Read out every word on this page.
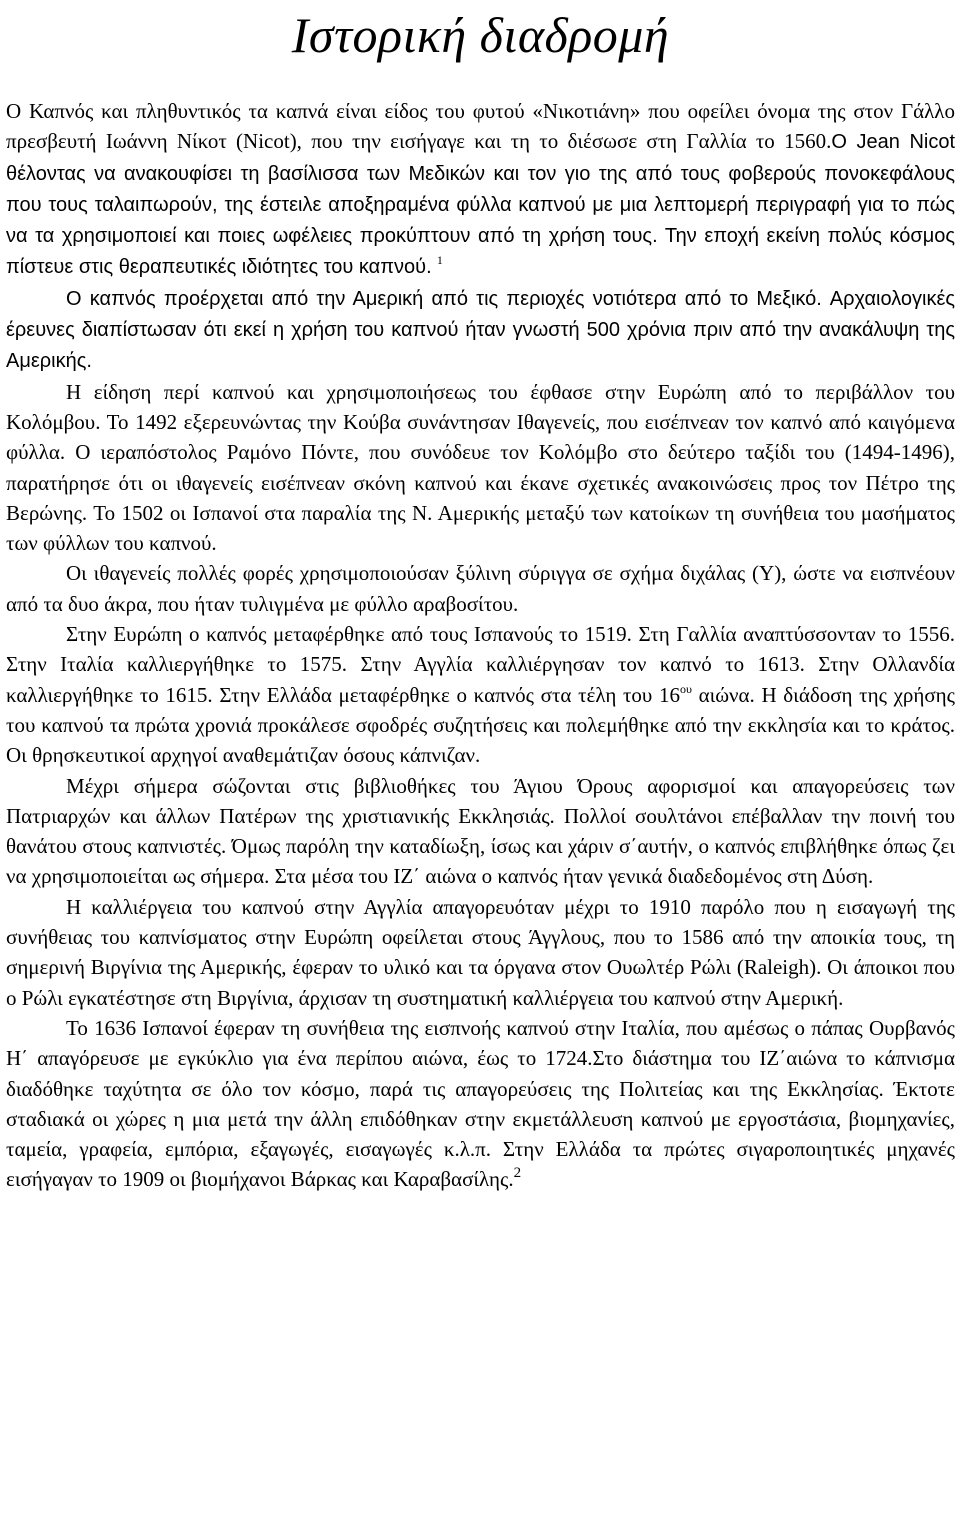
Ιστορική διαδρομή

Ο Καπνός και πληθυντικός τα καπνά είναι είδος του φυτού «Νικοτιάνη» που οφείλει όνομα της στον Γάλλο πρεσβευτή Ιωάννη Νίκοτ (Nicot), που την εισήγαγε και τη το διέσωσε στη Γαλλία το 1560.Ο Jean Nicot θέλοντας να ανακουφίσει τη βασίλισσα των Μεδικών και τον γιο της από τους φοβερούς πονοκεφάλους που τους ταλαιπωρούν, της έστειλε αποξηραμένα φύλλα καπνού με μια λεπτομερή περιγραφή για το πώς να τα χρησιμοποιεί και ποιες ωφέλειες προκύπτουν από τη χρήση τους. Την εποχή εκείνη πολύς κόσμος πίστευε στις θεραπευτικές ιδιότητες του καπνού. $^1$

Ο καπνός προέρχεται από την Αμερική από τις περιοχές νοτιότερα από το Μεξικό. Αρχαιολογικές έρευνες διαπίστωσαν ότι εκεί η χρήση του καπνού ήταν γνωστή 500 χρόνια πριν από την ανακάλυψη της Αμερικής.

Η είδηση περί καπνού και χρησιμοποιήσεως του έφθασε στην Ευρώπη από το περιβάλλον του Κολόμβου. Το 1492 εξερευνώντας την Κούβα συνάντησαν Ιθαγενείς, που εισέπνεαν τον καπνό από καιγόμενα φύλλα. Ο ιεραπόστολος Ραμόνο Πόντε, που συνόδευε τον Κολόμβο στο δεύτερο ταξίδι του (1494-1496), παρατήρησε ότι οι ιθαγενείς εισέπνεαν σκόνη καπνού και έκανε σχετικές ανακοινώσεις προς τον Πέτρο της Βερώνης. Το 1502 οι Ισπανοί στα παραλία της Ν. Αμερικής μεταξύ των κατοίκων τη συνήθεια του μασήματος των φύλλων του καπνού.

Οι ιθαγενείς πολλές φορές χρησιμοποιούσαν ξύλινη σύριγγα σε σχήμα διχάλας (Υ), ώστε να εισπνέουν από τα δυο άκρα, που ήταν τυλιγμένα με φύλλο αραβοσίτου.

Στην Ευρώπη ο καπνός μεταφέρθηκε από τους Ισπανούς το 1519. Στη Γαλλία αναπτύσσονταν το 1556. Στην Ιταλία καλλιεργήθηκε το 1575. Στην Αγγλία καλλιέργησαν τον καπνό το 1613. Στην Ολλανδία καλλιεργήθηκε το 1615. Στην Ελλάδα μεταφέρθηκε ο καπνός στα τέλη του $16^{o\upsilon}$ αιώνα. Η διάδοση της χρήσης του καπνού τα πρώτα χρονιά προκάλεσε σφοδρές συζητήσεις και πολεμήθηκε από την εκκλησία και το κράτος. Οι θρησκευτικοί αρχηγοί αναθεμάτιζαν όσους κάπνιζαν.

Μέχρι σήμερα σώζονται στις βιβλιοθήκες του Άγιου Όρους αφορισμοί και απαγορεύσεις των Πατριαρχών και άλλων Πατέρων της χριστιανικής Εκκλησιάς. Πολλοί σουλτάνοι επέβαλλαν την ποινή του θανάτου στους καπνιστές. Όμως παρόλη την καταδίωξη, ίσως και χάριν σ΄αυτήν, ο καπνός επιβλήθηκε όπως ζει να χρησιμοποιείται ως σήμερα. Στα μέσα του ΙΖ΄ αιώνα ο καπνός ήταν γενικά διαδεδομένος στη Δύση.

Η καλλιέργεια του καπνού στην Αγγλία απαγορευόταν μέχρι το 1910 παρόλο που η εισαγωγή της συνήθειας του καπνίσματος στην Ευρώπη οφείλεται στους Άγγλους, που το 1586 από την αποικία τους, τη σημερινή Βιργίνια της Αμερικής, έφεραν το υλικό και τα όργανα στον Ουωλτέρ Ρώλι (Raleigh). Οι άποικοι που ο Ρώλι εγκατέστησε στη Βιργίνια, άρχισαν τη συστηματική καλλιέργεια του καπνού στην Αμερική.

Το 1636 Ισπανοί έφεραν τη συνήθεια της εισπνοής καπνού στην Ιταλία, που αμέσως ο πάπας Ουρβανός Η΄ απαγόρευσε με εγκύκλιο για ένα περίπου αιώνα, έως το 1724.Στο διάστημα του ΙΖ΄αιώνα το κάπνισμα διαδόθηκε ταχύτητα σε όλο τον κόσμο, παρά τις απαγορεύσεις της Πολιτείας και της Εκκλησίας. Έκτοτε σταδιακά οι χώρες η μια μετά την άλλη επιδόθηκαν στην εκμετάλλευση καπνού με εργοστάσια, βιομηχανίες, ταμεία, γραφεία, εμπόρια, εξαγωγές, εισαγωγές κ.λ.π. Στην Ελλάδα τα πρώτες σιγαροποιητικές μηχανές εισήγαγαν το 1909 οι βιομήχανοι Βάρκας και Καραβασίλης.$^2$
